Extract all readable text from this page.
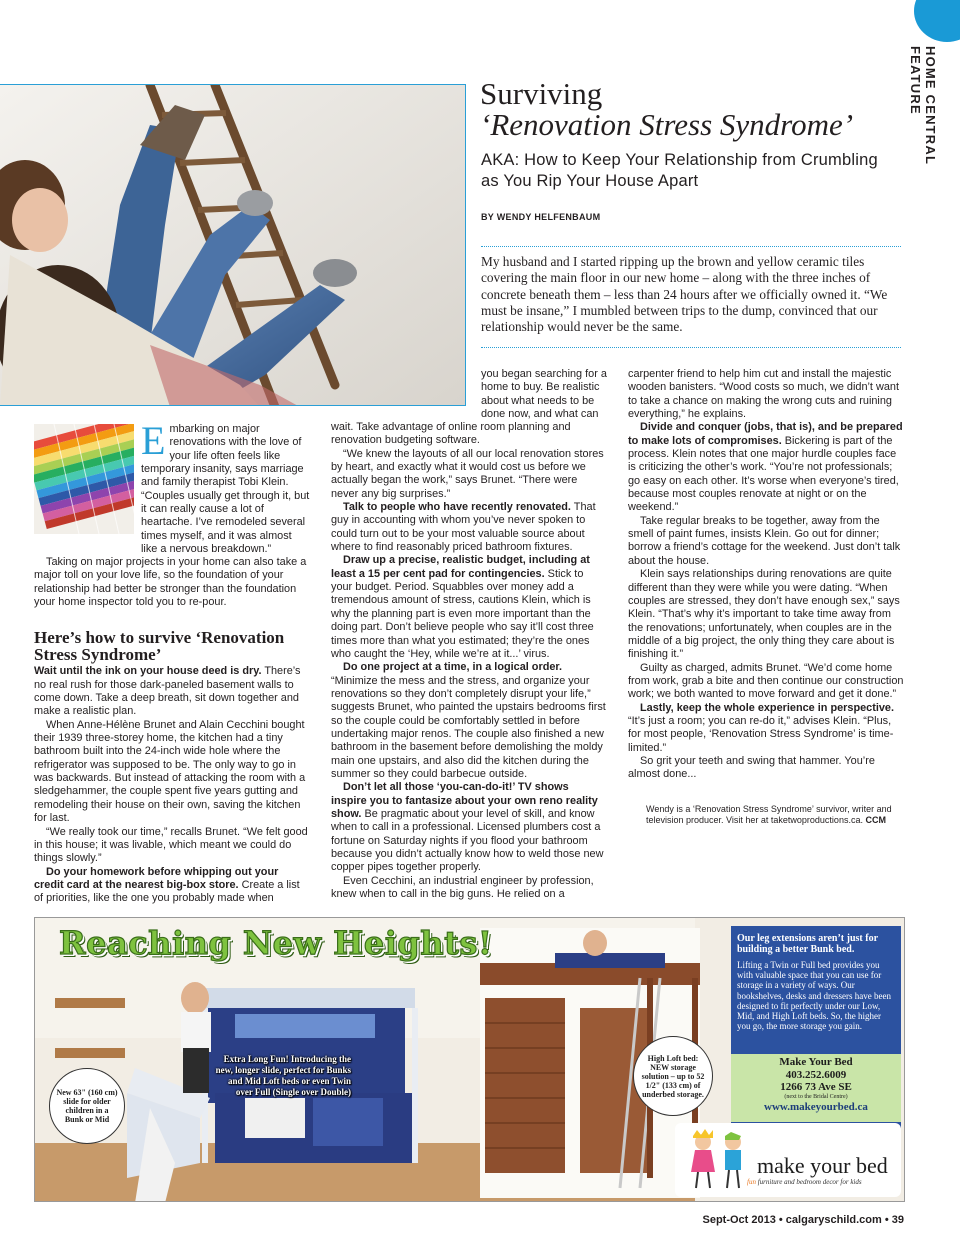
HOME CENTRAL FEATURE
Surviving
‘Renovation Stress Syndrome’
AKA: How to Keep Your Relationship from Crumbling as You Rip Your House Apart
BY WENDY HELFENBAUM
My husband and I started ripping up the brown and yellow ceramic tiles covering the main floor in our new home – along with the three inches of concrete beneath them – less than 24 hours after we officially owned it. “We must be insane,” I mumbled between trips to the dump, convinced that our relationship would never be the same.

Embarking on major renovations with the love of your life often feels like temporary insanity, says marriage and family therapist Tobi Klein. “Couples usually get through it, but it can really cause a lot of heartache. I’ve remodeled several times myself, and it was almost like a nervous breakdown.”

Taking on major projects in your home can also take a major toll on your love life, so the foundation of your relationship had better be stronger than the foundation your home inspector told you to re-pour.

Here’s how to survive ‘Renovation Stress Syndrome’

Wait until the ink on your house deed is dry. There’s no real rush for those dark-paneled basement walls to come down. Take a deep breath, sit down together and make a realistic plan.

When Anne-Hélène Brunet and Alain Cecchini bought their 1939 three-storey home, the kitchen had a tiny bathroom built into the 24-inch wide hole where the refrigerator was supposed to be. The only way to go in was backwards. But instead of attacking the room with a sledgehammer, the couple spent five years gutting and remodeling their house on their own, saving the kitchen for last.

“We really took our time,” recalls Brunet. “We felt good in this house; it was livable, which meant we could do things slowly.”

Do your homework before whipping out your credit card at the nearest big-box store. Create a list of priorities, like the one you probably made when

you began searching for a home to buy. Be realistic about what needs to be done now, and what can

wait. Take advantage of online room planning and renovation budgeting software.

“We knew the layouts of all our local renovation stores by heart, and exactly what it would cost us before we actually began the work,” says Brunet. “There were never any big surprises.”

Talk to people who have recently renovated. That guy in accounting with whom you’ve never spoken to could turn out to be your most valuable source about where to find reasonably priced bathroom fixtures.

Draw up a precise, realistic budget, including at least a 15 per cent pad for contingencies. Stick to your budget. Period. Squabbles over money add a tremendous amount of stress, cautions Klein, which is why the planning part is even more important than the doing part. Don’t believe people who say it’ll cost three times more than what you estimated; they’re the ones who caught the ‘Hey, while we’re at it...’ virus.

Do one project at a time, in a logical order. “Minimize the mess and the stress, and organize your renovations so they don’t completely disrupt your life,” suggests Brunet, who painted the upstairs bedrooms first so the couple could be comfortably settled in before undertaking major renos. The couple also finished a new bathroom in the basement before demolishing the moldy main one upstairs, and also did the kitchen during the summer so they could barbecue outside.

Don’t let all those ‘you-can-do-it!’ TV shows inspire you to fantasize about your own reno reality show. Be pragmatic about your level of skill, and know when to call in a professional. Licensed plumbers cost a fortune on Saturday nights if you flood your bathroom because you didn’t actually know how to weld those new copper pipes together properly.

Even Cecchini, an industrial engineer by profession, knew when to call in the big guns. He relied on a

carpenter friend to help him cut and install the majestic wooden banisters. “Wood costs so much, we didn’t want to take a chance on making the wrong cuts and ruining everything,” he explains.

Divide and conquer (jobs, that is), and be prepared to make lots of compromises. Bickering is part of the process. Klein notes that one major hurdle couples face is criticizing the other’s work. “You’re not professionals; go easy on each other. It’s worse when everyone’s tired, because most couples renovate at night or on the weekend.”

Take regular breaks to be together, away from the smell of paint fumes, insists Klein. Go out for dinner; borrow a friend’s cottage for the weekend. Just don’t talk about the house.

Klein says relationships during renovations are quite different than they were while you were dating. “When couples are stressed, they don’t have enough sex,” says Klein. “That’s why it’s important to take time away from the renovations; unfortunately, when couples are in the middle of a big project, the only thing they care about is finishing it.”

Guilty as charged, admits Brunet. “We’d come home from work, grab a bite and then continue our construction work; we both wanted to move forward and get it done.”

Lastly, keep the whole experience in perspective. “It’s just a room; you can re-do it,” advises Klein. “Plus, for most people, ‘Renovation Stress Syndrome’ is time-limited.”

So grit your teeth and swing that hammer. You’re almost done...

Wendy is a ‘Renovation Stress Syndrome’ survivor, writer and television producer. Visit her at taketwoproductions.ca. CCM
Reaching New Heights!
New 63" (160 cm) slide for older children in a Bunk or Mid
Extra Long Fun! Introducing the new, longer slide, perfect for Bunks and Mid Loft beds or even Twin over Full (Single over Double)
High Loft bed: NEW storage solution – up to 52 1/2" (133 cm) of underbed storage.
Our leg extensions aren’t just for building a better Bunk bed.
Lifting a Twin or Full bed provides you with valuable space that you can use for storage in a variety of ways. Our bookshelves, desks and dressers have been designed to fit perfectly under our Low, Mid, and High Loft beds. So, the higher you go, the more storage you gain.
Make Your Bed
403.252.6009
1266 73 Ave SE
(next to the Bridal Centre)
www.makeyourbed.ca
make your bed
fun furniture and bedroom decor for kids
Sept-Oct 2013 • calgaryschild.com • 39
